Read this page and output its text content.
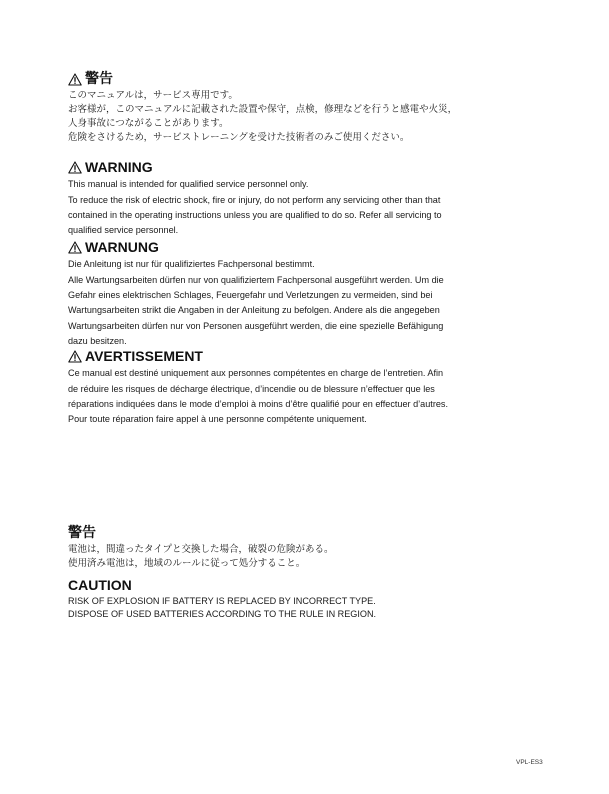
警告

このマニュアルは，サービス専用です。

お客様が，このマニュアルに記載された設置や保守，点検，修理などを行うと感電や火災，

人身事故につながることがあります。

危険をさけるため，サービストレーニングを受けた技術者のみご使用ください。

WARNING

This manual is intended for qualified service personnel only.

To reduce the risk of electric shock, fire or injury, do not perform any servicing other than that

contained in the operating instructions unless you are qualified to do so. Refer all servicing to

qualified service personnel.

WARNUNG

Die Anleitung ist nur für qualifiziertes Fachpersonal bestimmt.

Alle Wartungsarbeiten dürfen nur von qualifiziertem Fachpersonal ausgeführt werden. Um die

Gefahr eines elektrischen Schlages, Feuergefahr und Verletzungen zu vermeiden, sind bei

Wartungsarbeiten strikt die Angaben in der Anleitung zu befolgen. Andere als die angegeben

Wartungsarbeiten dürfen nur von Personen ausgeführt werden, die eine spezielle Befähigung

dazu besitzen.

AVERTISSEMENT

Ce manual est destiné uniquement aux personnes compétentes en charge de l’entretien. Afin

de réduire les risques de décharge électrique, d’incendie ou de blessure n’effectuer que les

réparations indiquées dans le mode d’emploi à moins d’être qualifié pour en effectuer d’autres.

Pour toute réparation faire appel à une personne compétente uniquement.

警告

電池は，間違ったタイプと交換した場合，破裂の危険がある。

使用済み電池は，地域のルールに従って処分すること。

CAUTION

RISK OF EXPLOSION IF BATTERY IS REPLACED BY INCORRECT TYPE.

DISPOSE OF USED BATTERIES ACCORDING TO THE RULE IN REGION.

VPL-ES3
